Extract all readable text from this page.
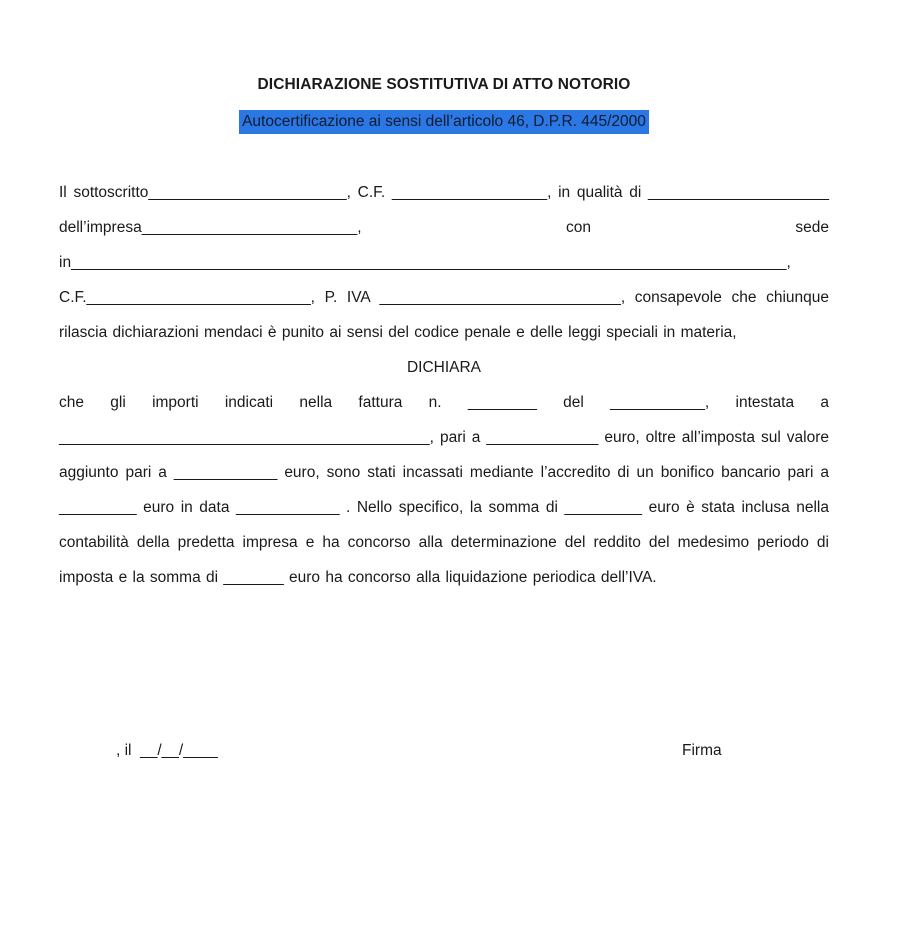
DICHIARAZIONE SOSTITUTIVA DI ATTO NOTORIO
Autocertificazione ai sensi dell’articolo 46, D.P.R. 445/2000

Il sottoscritto_______________________, C.F. __________________, in qualità di _____________________ dell’impresa_________________________, con sede in___________________________________________________________________________________, C.F.__________________________, P. IVA ____________________________, consapevole che chiunque rilascia dichiarazioni mendaci è punito ai sensi del codice penale e delle leggi speciali in materia,

DICHIARA

che gli importi indicati nella fattura n. ________ del ___________, intestata a ___________________________________________, pari a _____________ euro, oltre all’imposta sul valore aggiunto pari a ____________ euro, sono stati incassati mediante l’accredito di un bonifico bancario pari a _________ euro in data ____________ . Nello specifico, la somma di _________ euro è stata inclusa nella contabilità della predetta impresa e ha concorso alla determinazione del reddito del medesimo periodo di imposta e la somma di _______ euro ha concorso alla liquidazione periodica dell’IVA.

, il  __/__/____	Firma
